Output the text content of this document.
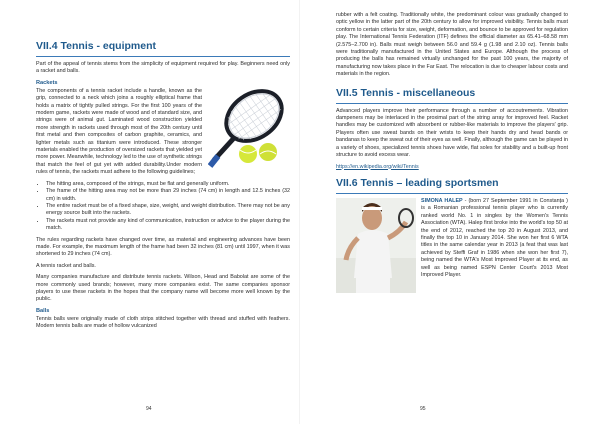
VII.4 Tennis - equipment

Part of the appeal of tennis stems from the simplicity of equipment required for play. Beginners need only a racket and balls.

Rackets

The components of a tennis racket include a handle, known as the grip, connected to a neck which joins a roughly elliptical frame that holds a matrix of tightly pulled strings. For the first 100 years of the modern game, rackets were made of wood and of standard size, and strings were of animal gut. Laminated wood construction yielded more strength in rackets used through most of the 20th century until first metal and then composites of carbon graphite, ceramics, and lighter metals such as titanium were introduced. These stronger materials enabled the production of oversized rackets that yielded yet more power. Meanwhile, technology led to the use of synthetic strings that match the feel of gut yet with added durability.Under modern rules of tennis, the rackets must adhere to the following guidelines;

• The hitting area, composed of the strings, must be flat and generally uniform.
• The frame of the hitting area may not be more than 29 inches (74 cm) in length and 12.5 inches (32 cm) in width.
• The entire racket must be of a fixed shape, size, weight, and weight distribution. There may not be any energy source built into the rackets.
• The rackets must not provide any kind of communication, instruction or advice to the player during the match.

The rules regarding rackets have changed over time, as material and engineering advances have been made. For example, the maximum length of the frame had been 32 inches (81 cm) until 1997, when it was shortened to 29 inches (74 cm).

A tennis racket and balls.

Many companies manufacture and distribute tennis rackets. Wilson, Head and Babolat are some of the more commonly used brands; however, many more companies exist. The same companies sponsor players to use these rackets in the hopes that the company name will become more well known by the public.

Balls

Tennis balls were originally made of cloth strips stitched together with thread and stuffed with feathers. Modern tennis balls are made of hollow vulcanized

94

rubber with a felt coating. Traditionally white, the predominant colour was gradually changed to optic yellow in the latter part of the 20th century to allow for improved visibility. Tennis balls must conform to certain criteria for size, weight, deformation, and bounce to be approved for regulation play. The International Tennis Federation (ITF) defines the official diameter as 65.41–68.58 mm (2.575–2.700 in). Balls must weigh between 56.0 and 59.4 g (1.98 and 2.10 oz). Tennis balls were traditionally manufactured in the United States and Europe. Although the process of producing the balls has remained virtually unchanged for the past 100 years, the majority of manufacturing now takes place in the Far East. The relocation is due to cheaper labour costs and materials in the region.

VII.5 Tennis - miscellaneous

Advanced players improve their performance through a number of accoutrements. Vibration dampeners may be interlaced in the proximal part of the string array for improved feel. Racket handles may be customized with absorbent or rubber-like materials to improve the players' grip. Players often use sweat bands on their wrists to keep their hands dry and head bands or bandanas to keep the sweat out of their eyes as well. Finally, although the game can be played in a variety of shoes, specialized tennis shoes have wide, flat soles for stability and a built-up front structure to avoid excess wear.

https://en.wikipedia.org/wiki/Tennis

VII.6 Tennis – leading sportsmen

SIMONA HALEP - (born 27 September 1991 in Constanța ) is a Romanian professional tennis player who is currently ranked world No. 1 in singles by the Women's Tennis Association (WTA). Halep first broke into the world's top 50 at the end of 2012, reached the top 20 in August 2013, and finally the top 10 in January 2014. She won her first 6 WTA titles in the same calendar year in 2013 (a feat that was last achieved by Steffi Graf in 1986 when she won her first 7), being named the WTA's Most Improved Player at its end, as well as being named ESPN Center Court's 2013 Most Improved Player.

95
